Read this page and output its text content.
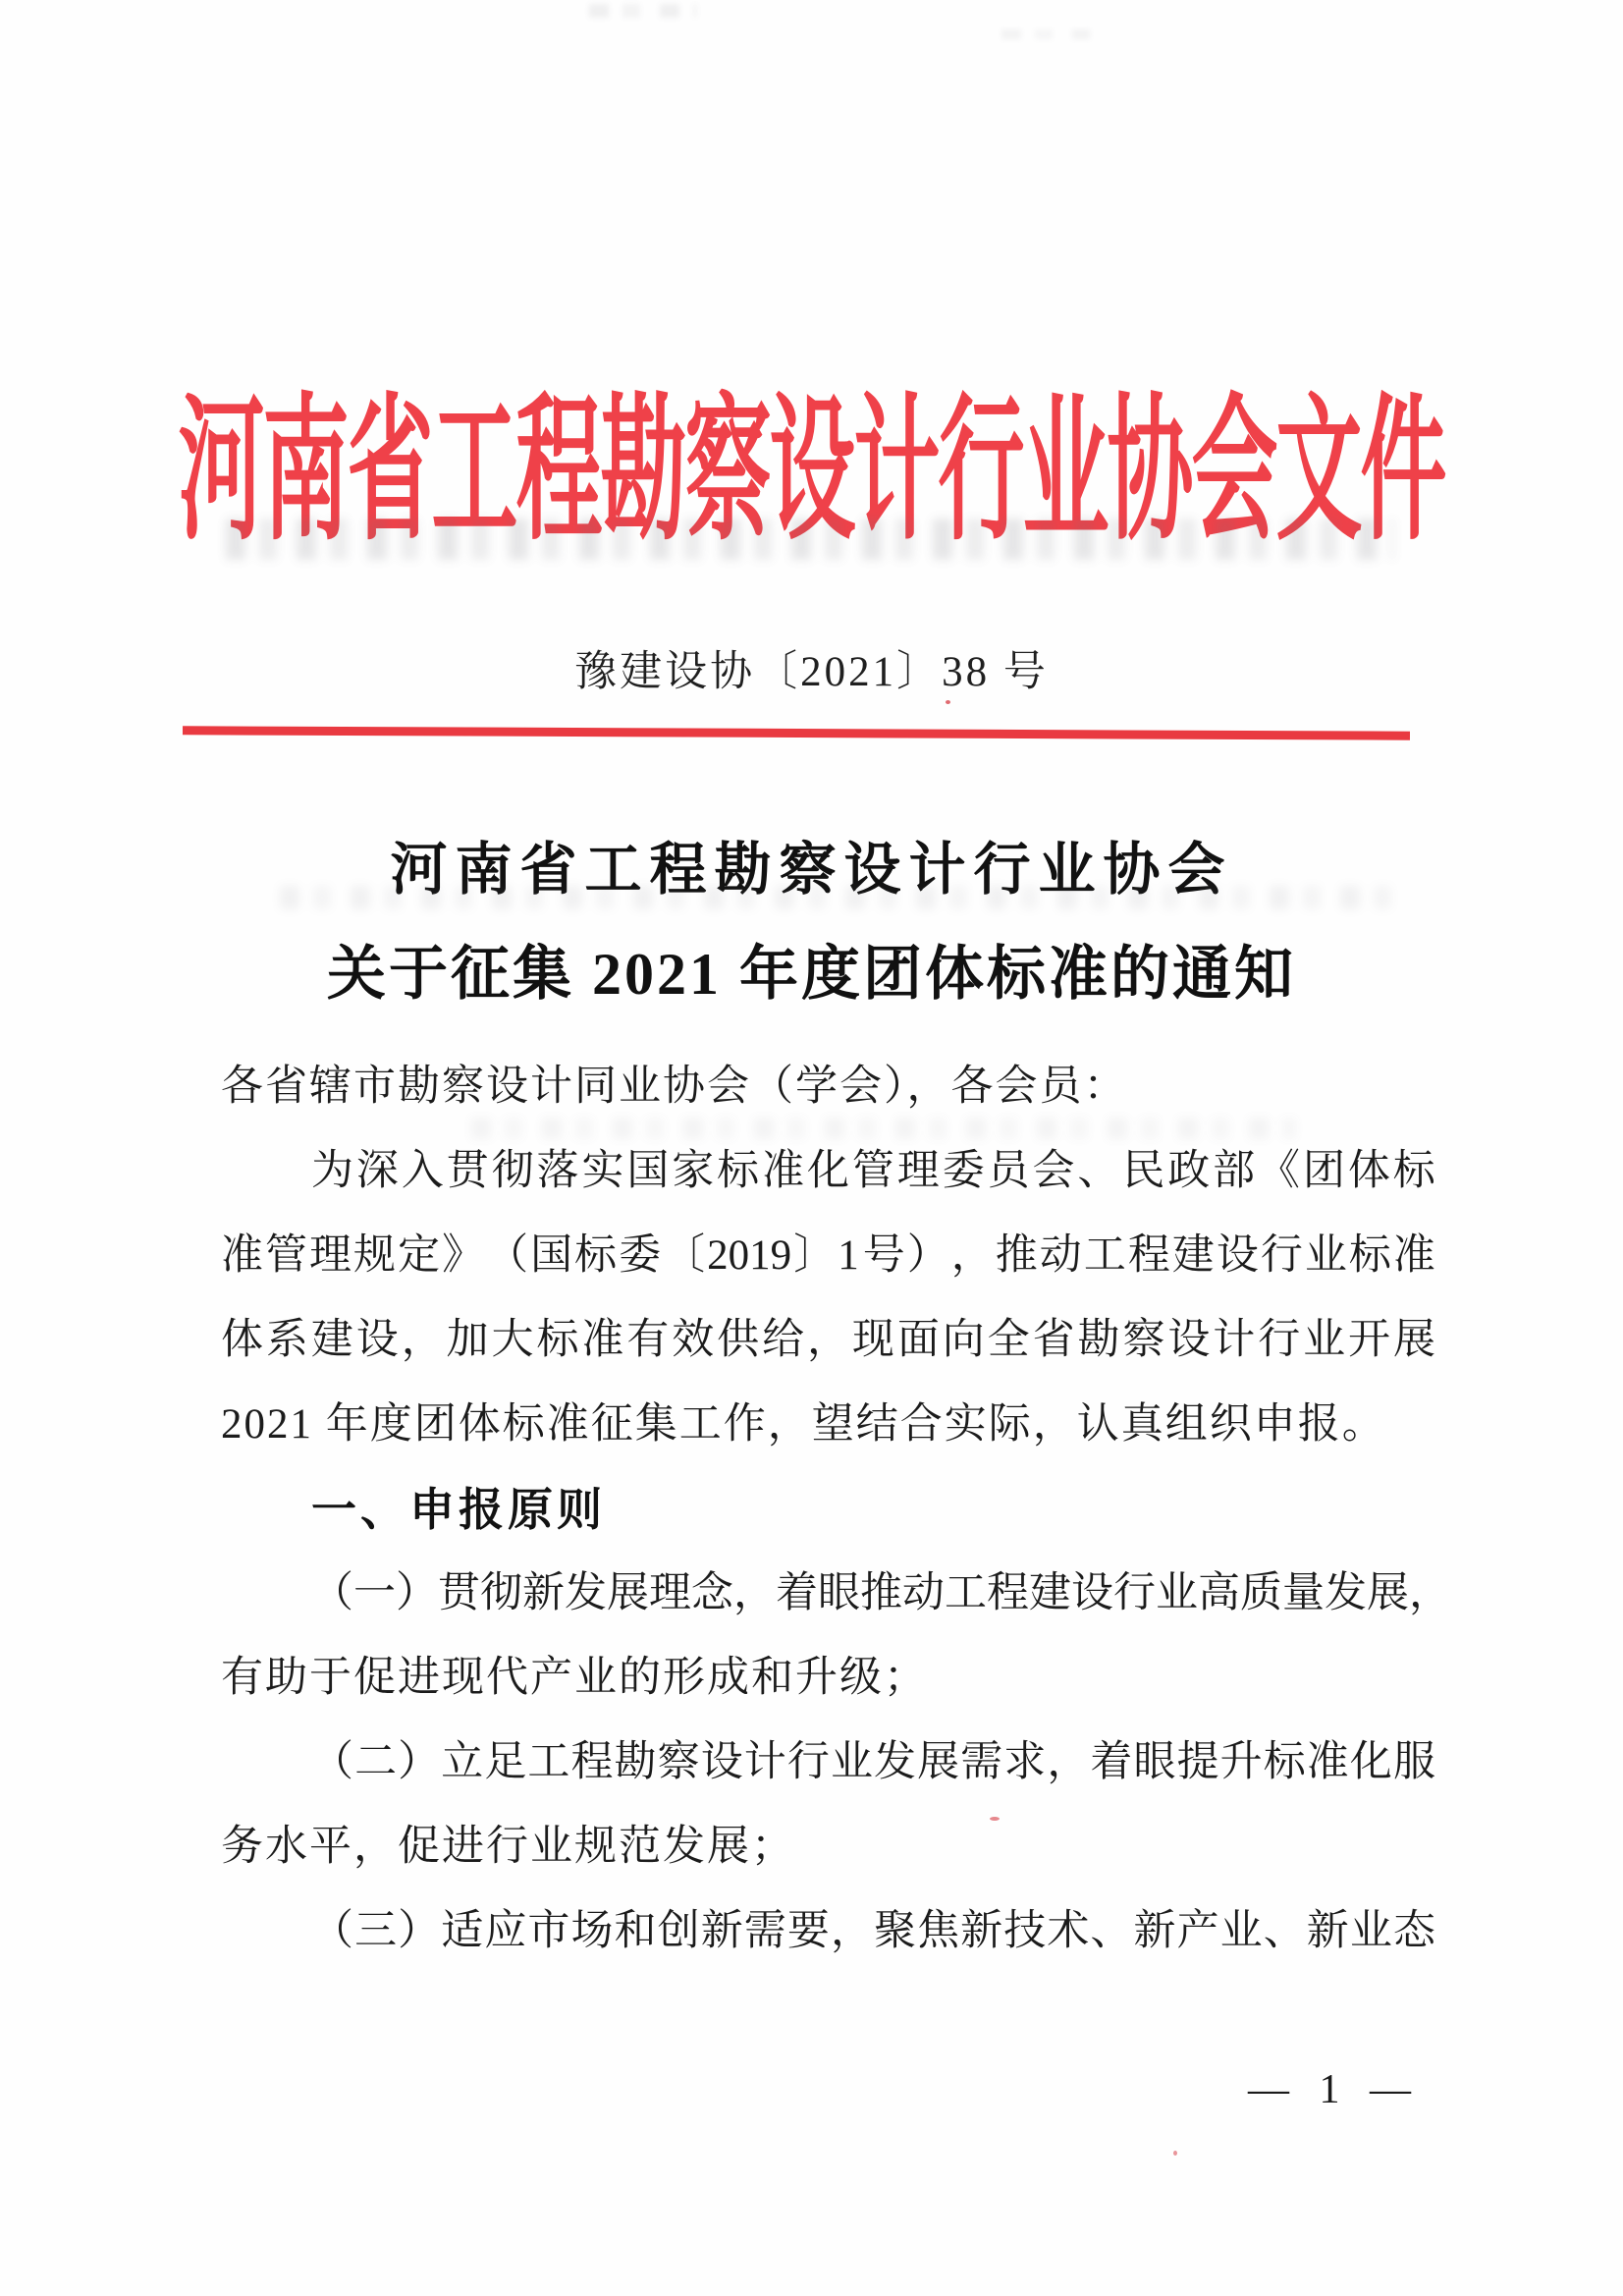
河南省工程勘察设计行业协会文件
豫建设协〔2021〕38 号
河南省工程勘察设计行业协会
关于征集 2021 年度团体标准的通知
各省辖市勘察设计同业协会（学会），各会员：
为 深 入 贯 彻 落 实 国 家 标 准 化 管 理 委 员 会 、 民 政 部 《 团 体 标
准 管 理 规 定 》 （ 国 标 委 〔 2019 〕 1 号 ） ， 推 动 工 程 建 设 行 业 标 准
体 系 建 设 ， 加 大 标 准 有 效 供 给 ， 现 面 向 全 省 勘 察 设 计 行 业 开 展
2021 年度团体标准征集工作，望结合实际，认真组织申报。
一、申报原则
（ 一 ） 贯 彻 新 发 展 理 念 ， 着 眼 推 动 工 程 建 设 行 业 高 质 量 发 展 ，
有助于促进现代产业的形成和升级；
（ 二 ） 立 足 工 程 勘 察 设 计 行 业 发 展 需 求 ， 着 眼 提 升 标 准 化 服
务水平，促进行业规范发展；
（ 三 ） 适 应 市 场 和 创 新 需 要 ， 聚 焦 新 技 术 、 新 产 业 、 新 业 态
— 1 —
